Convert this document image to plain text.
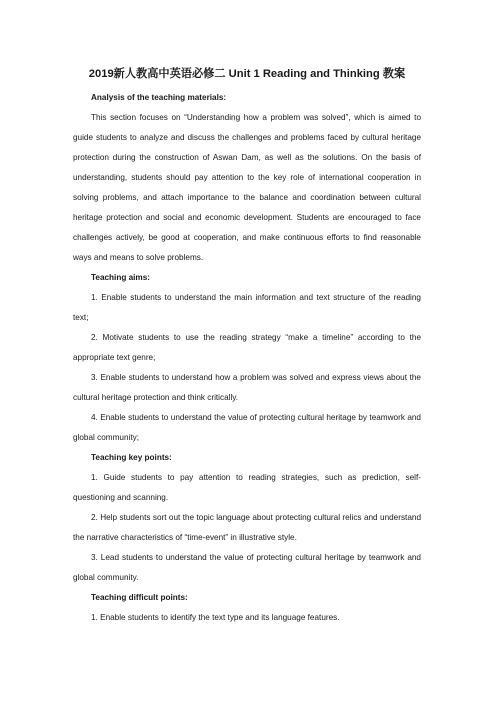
2019新人教高中英语必修二 Unit 1 Reading and Thinking 教案

Analysis of the teaching materials:

This section focuses on “Understanding how a problem was solved”, which is aimed to guide students to analyze and discuss the challenges and problems faced by cultural heritage protection during the construction of Aswan Dam, as well as the solutions. On the basis of understanding, students should pay attention to the key role of international cooperation in solving problems, and attach importance to the balance and coordination between cultural heritage protection and social and economic development. Students are encouraged to face challenges actively, be good at cooperation, and make continuous efforts to find reasonable ways and means to solve problems.

Teaching aims:

1. Enable students to understand the main information and text structure of the reading text;

2. Motivate students to use the reading strategy “make a timeline” according to the appropriate text genre;

3. Enable students to understand how a problem was solved and express views about the cultural heritage protection and think critically.

4. Enable students to understand the value of protecting cultural heritage by teamwork and global community;

Teaching key points:

1. Guide students to pay attention to reading strategies, such as prediction, self-questioning and scanning.

2. Help students sort out the topic language about protecting cultural relics and understand the narrative characteristics of “time-event” in illustrative style.

3. Lead students to understand the value of protecting cultural heritage by teamwork and global community.

Teaching difficult points:

1. Enable students to identify the text type and its language features.
